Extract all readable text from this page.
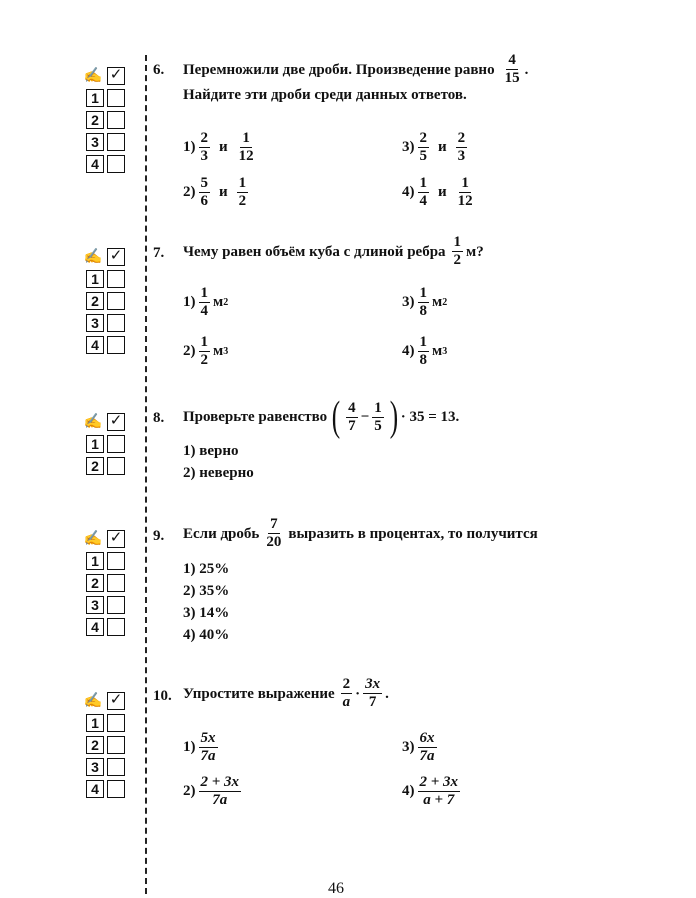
✍ ✓
1
2
3
4
✍ ✓
1
2
3
4
✍ ✓
1
2
✍ ✓
1
2
3
4
✍ ✓
1
2
3
4
6. Перемножили две дроби. Произведение равно $\frac{4}{15}$ .
Найдите эти дроби среди данных ответов.
$1) \frac{2}{3}$ и $\frac{1}{12}$	$3) \frac{2}{5}$ и $\frac{2}{3}$
$2) \frac{5}{6}$ и $\frac{1}{2}$	$4) \frac{1}{4}$ и $\frac{1}{12}$
7. Чему равен объём куба с длиной ребра $\frac{1}{2} м$?
$1) \frac{1}{4}$ м 2	$3) \frac{1}{8}$ м 2
$2) \frac{1}{2}$ м 3	$4) \frac{1}{8}$ м 3
8. Проверьте равенство ( $\frac{4}{7} - \frac{1}{5}$ ) · 35 = 13.
1) верно
2) неверно
9. Если дробь $\frac{7}{20}$ выразить в процентах, то получится
1) 25%
2) 35%
3) 14%
4) 40%
10. Упростите выражение $\frac{2}{a} \cdot \frac{3x}{7}$ .
$1) \frac{5x}{7a}$	$3) \frac{6x}{7a}$
$2) \frac{2 + 3x}{7a}$	$4) \frac{2 + 3x}{a + 7}$
46
